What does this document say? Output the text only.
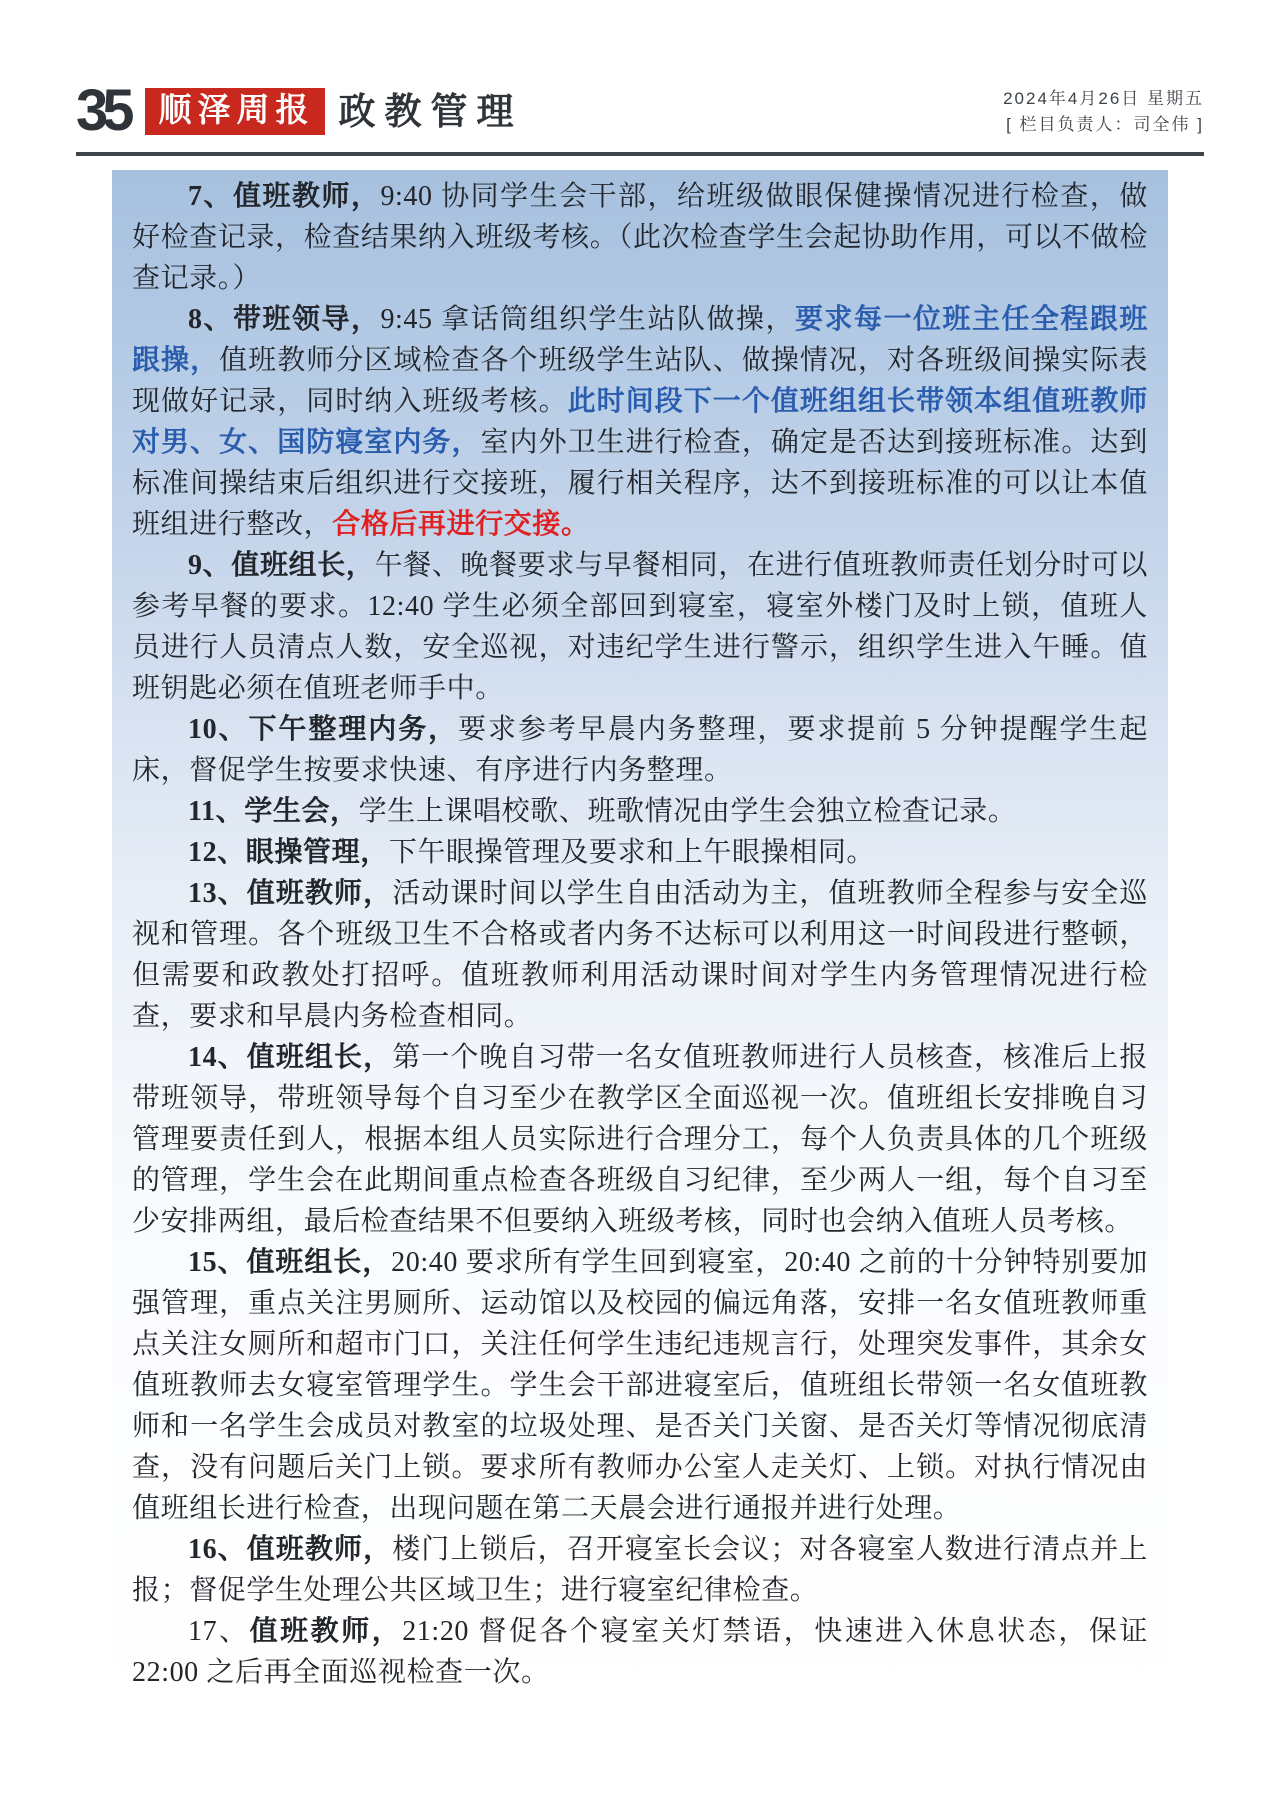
35 顺泽周报 政教管理	2024年4月26日 星期五
[ 栏目负责人：司全伟 ]

7、值班教师，9:40 协同学生会干部，给班级做眼保健操情况进行检查，做好检查记录，检查结果纳入班级考核。（此次检查学生会起协助作用，可以不做检查记录。）

8、带班领导，9:45 拿话筒组织学生站队做操，要求每一位班主任全程跟班跟操，值班教师分区域检查各个班级学生站队、做操情况，对各班级间操实际表现做好记录，同时纳入班级考核。此时间段下一个值班组组长带领本组值班教师对男、女、国防寝室内务，室内外卫生进行检查，确定是否达到接班标准。达到标准间操结束后组织进行交接班，履行相关程序，达不到接班标准的可以让本值班组进行整改，合格后再进行交接。

9、值班组长，午餐、晚餐要求与早餐相同，在进行值班教师责任划分时可以参考早餐的要求。12:40 学生必须全部回到寝室，寝室外楼门及时上锁，值班人员进行人员清点人数，安全巡视，对违纪学生进行警示，组织学生进入午睡。值班钥匙必须在值班老师手中。

10、下午整理内务，要求参考早晨内务整理，要求提前 5 分钟提醒学生起床，督促学生按要求快速、有序进行内务整理。

11、学生会，学生上课唱校歌、班歌情况由学生会独立检查记录。

12、眼操管理，下午眼操管理及要求和上午眼操相同。

13、值班教师，活动课时间以学生自由活动为主，值班教师全程参与安全巡视和管理。各个班级卫生不合格或者内务不达标可以利用这一时间段进行整顿，但需要和政教处打招呼。值班教师利用活动课时间对学生内务管理情况进行检查，要求和早晨内务检查相同。

14、值班组长，第一个晚自习带一名女值班教师进行人员核查，核准后上报带班领导，带班领导每个自习至少在教学区全面巡视一次。值班组长安排晚自习管理要责任到人，根据本组人员实际进行合理分工，每个人负责具体的几个班级的管理，学生会在此期间重点检查各班级自习纪律，至少两人一组，每个自习至少安排两组，最后检查结果不但要纳入班级考核，同时也会纳入值班人员考核。

15、值班组长，20:40 要求所有学生回到寝室，20:40 之前的十分钟特别要加强管理，重点关注男厕所、运动馆以及校园的偏远角落，安排一名女值班教师重点关注女厕所和超市门口，关注任何学生违纪违规言行，处理突发事件，其余女值班教师去女寝室管理学生。学生会干部进寝室后，值班组长带领一名女值班教师和一名学生会成员对教室的垃圾处理、是否关门关窗、是否关灯等情况彻底清查，没有问题后关门上锁。要求所有教师办公室人走关灯、上锁。对执行情况由值班组长进行检查，出现问题在第二天晨会进行通报并进行处理。

16、值班教师，楼门上锁后，召开寝室长会议；对各寝室人数进行清点并上报；督促学生处理公共区域卫生；进行寝室纪律检查。

17、值班教师，21:20 督促各个寝室关灯禁语，快速进入休息状态，保证 22:00 之后再全面巡视检查一次。
